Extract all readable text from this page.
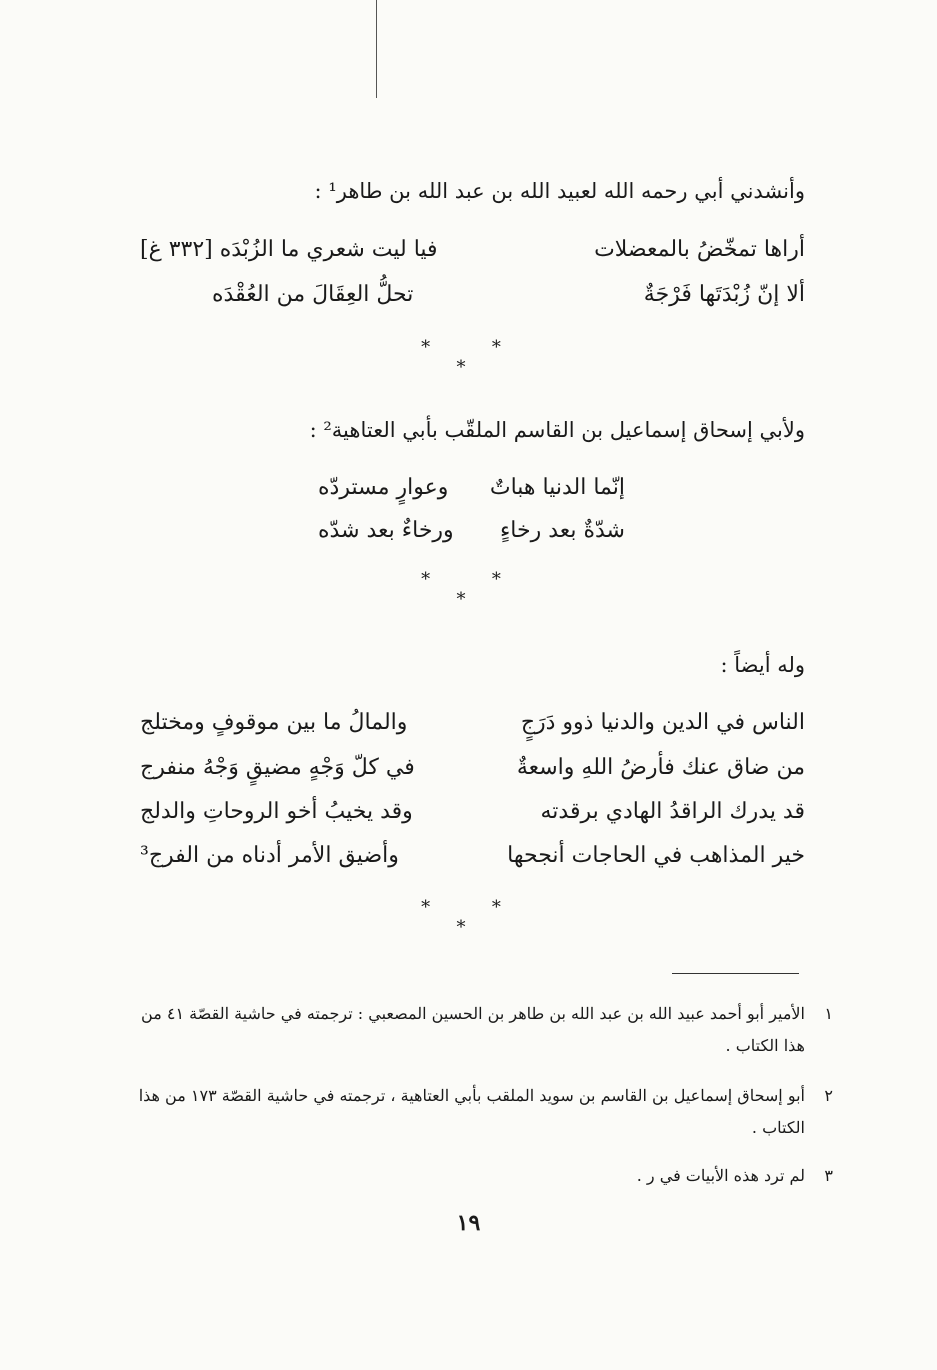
وأنشدني أبي رحمه الله لعبيد الله بن عبد الله بن طاهر¹ :
أراها تمخّضُ بالمعضلات
فيا ليت شعري ما الزُبْدَه [٣٣٢ غ]
ألا إنّ زُبْدَتَها فَرْجَةٌ
تحلُّ العِقَالَ من العُقْدَه
* * *
ولأبي إسحاق إسماعيل بن القاسم الملقّب بأبي العتاهية² :
إنّما الدنيا هباتٌ
وعوارٍ مستردّه
شدّةٌ بعد رخاءٍ
ورخاءٌ بعد شدّه
* * *
وله أيضاً :
الناس في الدين والدنيا ذوو دَرَجٍ
والمالُ ما بين موقوفٍ ومختلج
من ضاق عنك فأرضُ اللهِ واسعةٌ
في كلّ وَجْهٍ مضيقٍ وَجْهُ منفرج
قد يدرك الراقدُ الهادي برقدته
وقد يخيبُ أخو الروحاتِ والدلج
خير المذاهب في الحاجات أنجحها
وأضيق الأمر أدناه من الفرج³
* * *
١
الأمير أبو أحمد عبيد الله بن عبد الله بن طاهر بن الحسين المصعبي : ترجمته في حاشية القصّة ٤١ من هذا الكتاب .
٢
أبو إسحاق إسماعيل بن القاسم بن سويد الملقب بأبي العتاهية ، ترجمته في حاشية القصّة ١٧٣ من هذا الكتاب .
٣
لم ترد هذه الأبيات في ر .
١٩
